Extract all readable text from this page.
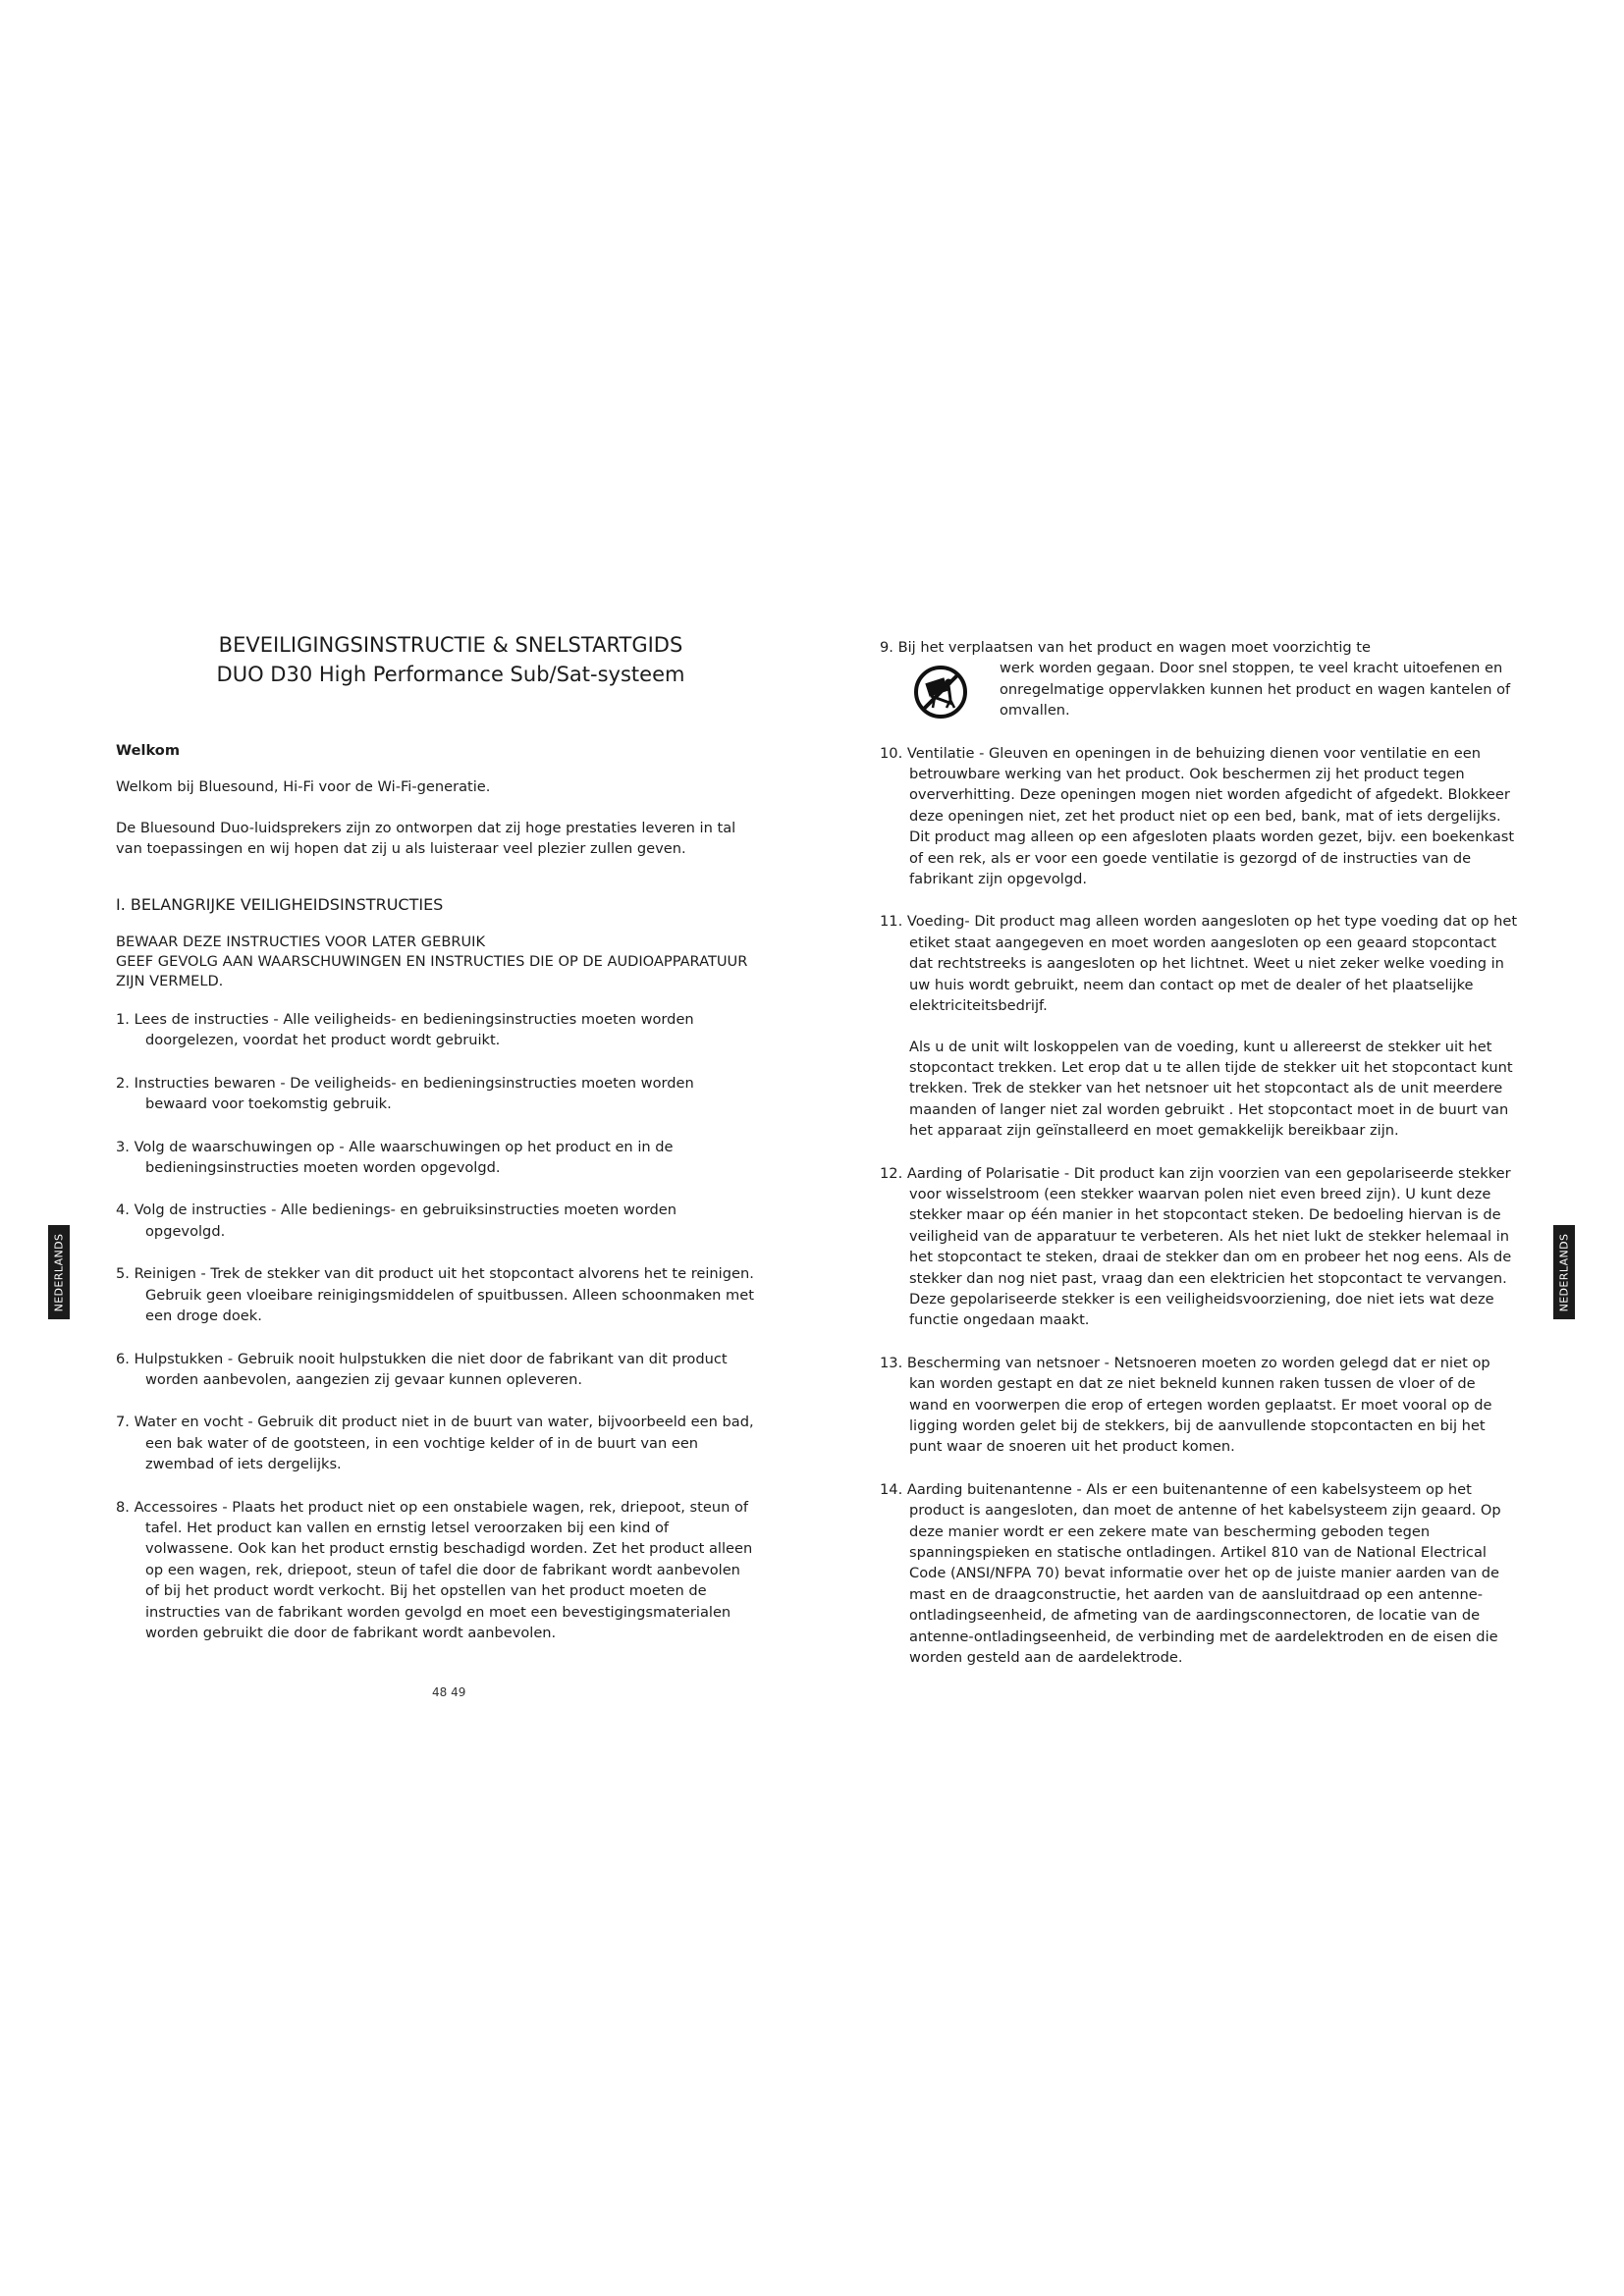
BEVEILIGINGSINSTRUCTIE & SNELSTARTGIDS
DUO D30 High Performance Sub/Sat-systeem

Welkom

Welkom bij Bluesound, Hi-Fi voor de Wi-Fi-generatie.

De Bluesound Duo-luidsprekers zijn zo ontworpen dat zij hoge prestaties leveren in tal van toepassingen en wij hopen dat zij u als luisteraar veel plezier zullen geven.

I. BELANGRIJKE VEILIGHEIDSINSTRUCTIES

BEWAAR DEZE INSTRUCTIES VOOR LATER GEBRUIK
GEEF GEVOLG AAN WAARSCHUWINGEN EN INSTRUCTIES DIE OP DE AUDIOAPPARATUUR ZIJN VERMELD.
1. Lees de instructies - Alle veiligheids- en bedieningsinstructies moeten worden doorgelezen, voordat het product wordt gebruikt.
2. Instructies bewaren - De veiligheids- en bedieningsinstructies moeten worden bewaard voor toekomstig gebruik.
3. Volg de waarschuwingen op - Alle waarschuwingen op het product en in de bedieningsinstructies moeten worden opgevolgd.
4. Volg de instructies - Alle bedienings- en gebruiksinstructies moeten worden opgevolgd.
5. Reinigen - Trek de stekker van dit product uit het stopcontact alvorens het te reinigen. Gebruik geen vloeibare reinigingsmiddelen of spuitbussen. Alleen schoonmaken met een droge doek.
6. Hulpstukken - Gebruik nooit hulpstukken die niet door de fabrikant van dit product worden aanbevolen, aangezien zij gevaar kunnen opleveren.
7. Water en vocht - Gebruik dit product niet in de buurt van water, bijvoorbeeld een bad, een bak water of de gootsteen, in een vochtige kelder of in de buurt van een zwembad of iets dergelijks.
8. Accessoires - Plaats het product niet op een onstabiele wagen, rek, driepoot, steun of tafel. Het product kan vallen en ernstig letsel veroorzaken bij een kind of volwassene. Ook kan het product ernstig beschadigd worden. Zet het product alleen op een wagen, rek, driepoot, steun of tafel die door de fabrikant wordt aanbevolen of bij het product wordt verkocht. Bij het opstellen van het product moeten de instructies van de fabrikant worden gevolgd en moet een bevestigingsmaterialen worden gebruikt die door de fabrikant wordt aanbevolen.
NEDERLANDS
9. Bij het verplaatsen van het product en wagen moet voorzichtig te
werk worden gegaan. Door snel stoppen, te veel kracht uitoefenen en onregelmatige oppervlakken kunnen het product en wagen kantelen of omvallen.
10. Ventilatie - Gleuven en openingen in de behuizing dienen voor ventilatie en een betrouwbare werking van het product. Ook beschermen zij het product tegen oververhitting. Deze openingen mogen niet worden afgedicht of afgedekt. Blokkeer deze openingen niet, zet het product niet op een bed, bank, mat of iets dergelijks. Dit product mag alleen op een afgesloten plaats worden gezet, bijv. een boekenkast of een rek, als er voor een goede ventilatie is gezorgd of de instructies van de fabrikant zijn opgevolgd.
11. Voeding- Dit product mag alleen worden aangesloten op het type voeding dat op het etiket staat aangegeven en moet worden aangesloten op een geaard stopcontact dat rechtstreeks is aangesloten op het lichtnet. Weet u niet zeker welke voeding in uw huis wordt gebruikt, neem dan contact op met de dealer of het plaatselijke elektriciteitsbedrijf.
Als u de unit wilt loskoppelen van de voeding, kunt u allereerst de stekker uit het stopcontact trekken. Let erop dat u te allen tijde de stekker uit het stopcontact kunt trekken. Trek de stekker van het netsnoer uit het stopcontact als de unit meerdere maanden of langer niet zal worden gebruikt . Het stopcontact moet in de buurt van het apparaat zijn geïnstalleerd en moet gemakkelijk bereikbaar zijn.
12. Aarding of Polarisatie - Dit product kan zijn voorzien van een gepolariseerde stekker voor wisselstroom (een stekker waarvan polen niet even breed zijn). U kunt deze stekker maar op één manier in het stopcontact steken. De bedoeling hiervan is de veiligheid van de apparatuur te verbeteren. Als het niet lukt de stekker helemaal in het stopcontact te steken, draai de stekker dan om en probeer het nog eens. Als de stekker dan nog niet past, vraag dan een elektricien het stopcontact te vervangen. Deze gepolariseerde stekker is een veiligheidsvoorziening, doe niet iets wat deze functie ongedaan maakt.
13. Bescherming van netsnoer - Netsnoeren moeten zo worden gelegd dat er niet op kan worden gestapt en dat ze niet bekneld kunnen raken tussen de vloer of de wand en voorwerpen die erop of ertegen worden geplaatst. Er moet vooral op de ligging worden gelet bij de stekkers, bij de aanvullende stopcontacten en bij het punt waar de snoeren uit het product komen.
14. Aarding buitenantenne - Als er een buitenantenne of een kabelsysteem op het product is aangesloten, dan moet de antenne of het kabelsysteem zijn geaard. Op deze manier wordt er een zekere mate van bescherming geboden tegen spanningspieken en statische ontladingen. Artikel 810 van de National Electrical Code (ANSI/NFPA 70) bevat informatie over het op de juiste manier aarden van de mast en de draagconstructie, het aarden van de aansluitdraad op een antenne-ontladingseenheid, de afmeting van de aardingsconnectoren, de locatie van de antenne-ontladingseenheid, de verbinding met de aardelektroden en de eisen die worden gesteld aan de aardelektrode.
NEDERLANDS
48 49
